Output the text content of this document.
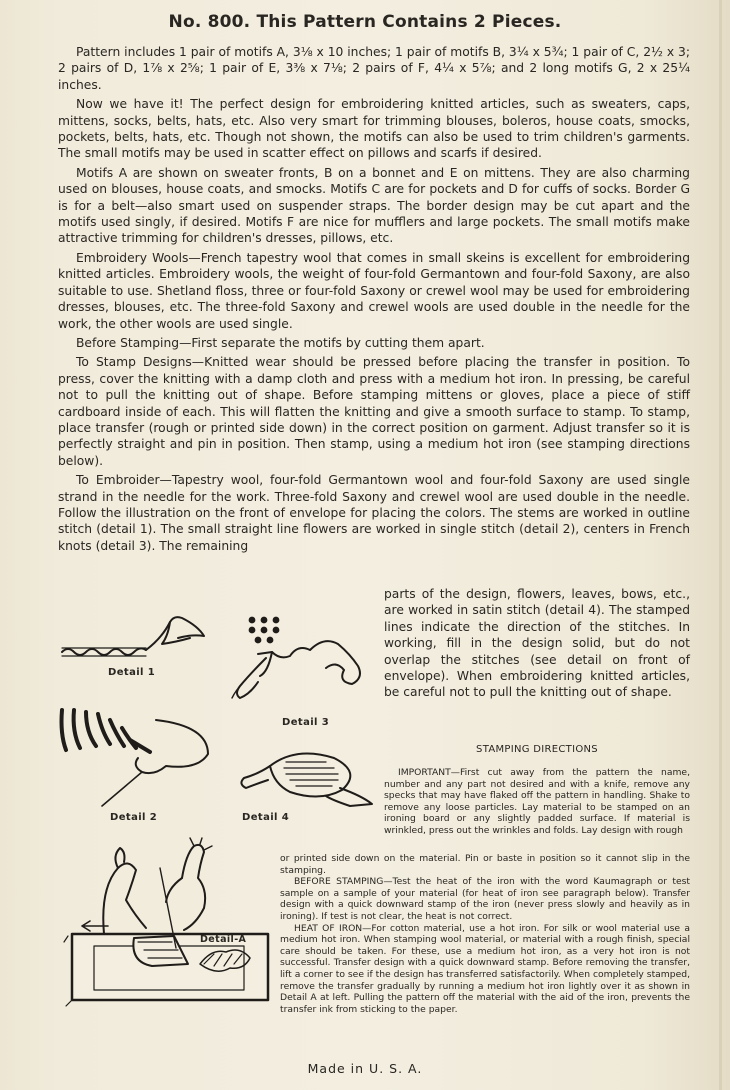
No. 800. This Pattern Contains 2 Pieces.

Pattern includes 1 pair of motifs A, 3⅛ x 10 inches; 1 pair of motifs B, 3¼ x 5¾; 1 pair of C, 2½ x 3; 2 pairs of D, 1⅞ x 2⅝; 1 pair of E, 3⅜ x 7⅛; 2 pairs of F, 4¼ x 5⅞; and 2 long motifs G, 2 x 25¼ inches.

Now we have it! The perfect design for embroidering knitted articles, such as sweaters, caps, mittens, socks, belts, hats, etc. Also very smart for trimming blouses, boleros, house coats, smocks, pockets, belts, hats, etc. Though not shown, the motifs can also be used to trim children's garments. The small motifs may be used in scatter effect on pillows and scarfs if desired.

Motifs A are shown on sweater fronts, B on a bonnet and E on mittens. They are also charming used on blouses, house coats, and smocks. Motifs C are for pockets and D for cuffs of socks. Border G is for a belt—also smart used on suspender straps. The border design may be cut apart and the motifs used singly, if desired. Motifs F are nice for mufflers and large pockets. The small motifs make attractive trimming for children's dresses, pillows, etc.

Embroidery Wools—French tapestry wool that comes in small skeins is excellent for embroidering knitted articles. Embroidery wools, the weight of four-fold Germantown and four-fold Saxony, are also suitable to use. Shetland floss, three or four-fold Saxony or crewel wool may be used for embroidering dresses, blouses, etc. The three-fold Saxony and crewel wools are used double in the needle for the work, the other wools are used single.

Before Stamping—First separate the motifs by cutting them apart.

To Stamp Designs—Knitted wear should be pressed before placing the transfer in position. To press, cover the knitting with a damp cloth and press with a medium hot iron. In pressing, be careful not to pull the knitting out of shape. Before stamping mittens or gloves, place a piece of stiff cardboard inside of each. This will flatten the knitting and give a smooth surface to stamp. To stamp, place transfer (rough or printed side down) in the correct position on garment. Adjust transfer so it is perfectly straight and pin in position. Then stamp, using a medium hot iron (see stamping directions below).

To Embroider—Tapestry wool, four-fold Germantown wool and four-fold Saxony are used single strand in the needle for the work. Three-fold Saxony and crewel wool are used double in the needle. Follow the illustration on the front of envelope for placing the colors. The stems are worked in outline stitch (detail 1). The small straight line flowers are worked in single stitch (detail 2), centers in French knots (detail 3). The remaining

parts of the design, flowers, leaves, bows, etc., are worked in satin stitch (detail 4). The stamped lines indicate the direction of the stitches. In working, fill in the design solid, but do not overlap the stitches (see detail on front of envelope). When embroidering knitted articles, be careful not to pull the knitting out of shape.

Detail 1
Detail 3
Detail 2	Detail 4
STAMPING DIRECTIONS

IMPORTANT—First cut away from the pattern the name, number and any part not desired and with a knife, remove any specks that may have flaked off the pattern in handling. Shake to remove any loose particles. Lay material to be stamped on an ironing board or any slightly padded surface. If material is wrinkled, press out the wrinkles and folds. Lay design with rough

or printed side down on the material. Pin or baste in position so it cannot slip in the stamping.

BEFORE STAMPING—Test the heat of the iron with the word Kaumagraph or test sample on a sample of your material (for heat of iron see paragraph below). Transfer design with a quick downward stamp of the iron (never press slowly and heavily as in ironing). If test is not clear, the heat is not correct.

HEAT OF IRON—For cotton material, use a hot iron. For silk or wool material use a medium hot iron. When stamping wool material, or material with a rough finish, special care should be taken. For these, use a medium hot iron, as a very hot iron is not successful. Transfer design with a quick downward stamp. Before removing the transfer, lift a corner to see if the design has transferred satisfactorily. When completely stamped, remove the transfer gradually by running a medium hot iron lightly over it as shown in Detail A at left. Pulling the pattern off the material with the aid of the iron, prevents the transfer ink from sticking to the paper.

Detail-A
Made in U. S. A.
